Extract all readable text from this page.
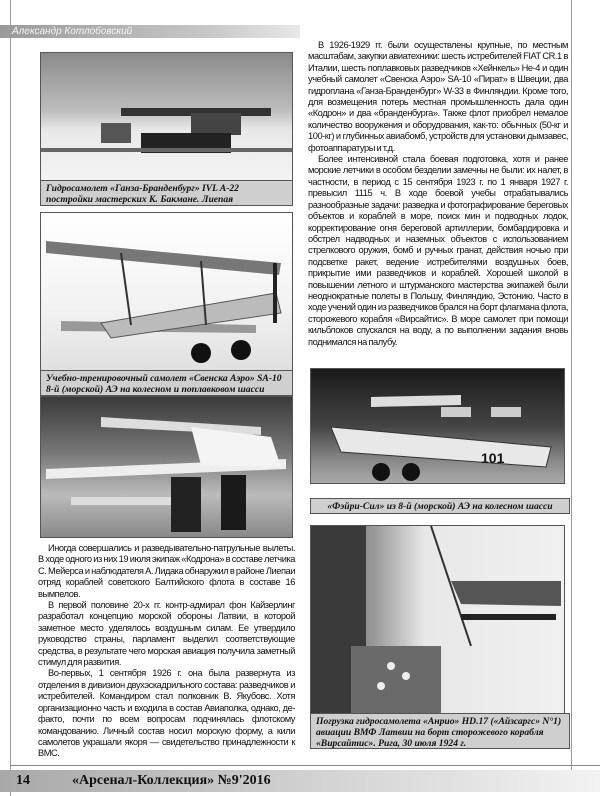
Александр Котлобовский
Гидросамолет «Ганза-Бранденбург» IVL A-22 постройки мастерских К. Бакмане. Лиепая
Учебно-тренировочный самолет «Свенска Аэро» SA-10 8-й (морской) АЭ на колесном и поплавковом шасси

Иногда совершались и разведывательно-патрульные вылеты. В ходе одного из них 19 июля экипаж «Кодрона» в составе летчика С. Мейерса и наблюдателя А. Лидака обнаружил в районе Лиепаи отряд кораблей советского Балтийского флота в составе 16 вымпелов.

В первой половине 20-х гг. контр-адмирал фон Кайзерлинг разработал концепцию морской обороны Латвии, в которой заметное место уделялось воздушным силам. Ее утвердило руководство страны, парламент выделил соответствующие средства, в результате чего морская авиация получила заметный стимул для развития.

Во-первых, 1 сентября 1926 г. она была развернута из отделения в дивизион двухэскадрильного состава: разведчиков и истребителей. Командиром стал полковник В. Якубовс. Хотя организационно часть и входила в состав Авиаполка, однако, де-факто, почти по всем вопросам подчинялась флотскому командованию. Личный состав носил морскую форму, а кили самолетов украшали якоря — свидетельство принадлежности к ВМС.

В 1926-1929 гг. были осуществлены крупные, по местным масштабам, закупки авиатехники: шесть истребителей FIAT CR.1 в Италии, шесть поплавковых разведчиков «Хейнкель» He-4 и один учебный самолет «Свенска Аэро» SA-10 «Пират» в Швеции, два гидроплана «Ганза-Бранденбург» W-33 в Финляндии. Кроме того, для возмещения потерь местная промышленность дала один «Кодрон» и два «бранденбурга». Также флот приобрел немалое количество вооружения и оборудования, как-то: обычных (50-кг и 100-кг) и глубинных авиабомб, устройств для установки дымзавес, фотоаппаратуры и т.д.

Более интенсивной стала боевая подготовка, хотя и ранее морские летчики в особом безделии замечны не были: их налет, в частности, в период с 15 сентября 1923 г. по 1 января 1927 г. превысил 1115 ч. В ходе боевой учебы отрабатывались разнообразные задачи: разведка и фотографирование береговых объектов и кораблей в море, поиск мин и подводных лодок, корректирование огня береговой артиллерии, бомбардировка и обстрел надводных и наземных объектов с использованием стрелкового оружия, бомб и ручных гранат, действия ночью при подсветке ракет, ведение истребителями воздушных боев, прикрытие ими разведчиков и кораблей. Хорошей школой в повышении летного и штурманского мастерства экипажей были неоднократные полеты в Польшу, Финляндию, Эстонию. Часто в ходе учений один из разведчиков брался на борт флагмана флота, сторожевого корабля «Вирсайтис». В море самолет при помощи кильблоков спускался на воду, а по выполнении задания вновь поднимался на палубу.

101
«Фэйри-Сил» из 8-й (морской) АЭ на колесном шасси
Погрузка гидросамолета «Анрио» HD.17 («Айзсаргс» N°1) авиации ВМФ Латвии на борт сторожевого корабля «Вирсайтис». Рига, 30 июля 1924 г.
14	«Арсенал-Коллекция» №9'2016
